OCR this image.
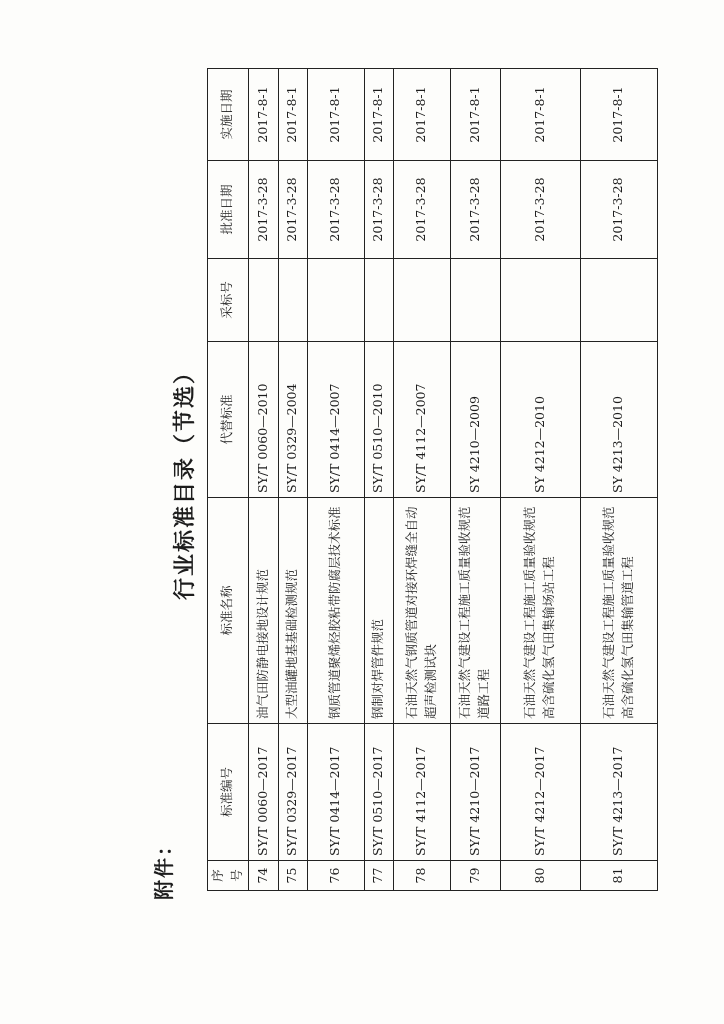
附件：
行业标准目录（节选）
序号	标准编号	标准名称	代替标准	采标号	批准日期	实施日期
74	SY/T 0060—2017	油气田防静电接地设计规范	SY/T 0060—2010		2017-3-28	2017-8-1
75	SY/T 0329—2017	大型油罐地基基础检测规范	SY/T 0329—2004		2017-3-28	2017-8-1
76	SY/T 0414—2017	钢质管道聚烯烃胶粘带防腐层技术标准	SY/T 0414—2007		2017-3-28	2017-8-1
77	SY/T 0510—2017	钢制对焊管件规范	SY/T 0510—2010		2017-3-28	2017-8-1
78	SY/T 4112—2017	石油天然气钢质管道对接环焊缝全自动超声检测试块	SY/T 4112—2007		2017-3-28	2017-8-1
79	SY/T 4210—2017	石油天然气建设工程施工质量验收规范　道路工程	SY 4210—2009		2017-3-28	2017-8-1
80	SY/T 4212—2017	石油天然气建设工程施工质量验收规范　高含硫化氢气田集输场站工程	SY 4212—2010		2017-3-28	2017-8-1
81	SY/T 4213—2017	石油天然气建设工程施工质量验收规范　高含硫化氢气田集输管道工程	SY 4213—2010		2017-3-28	2017-8-1
